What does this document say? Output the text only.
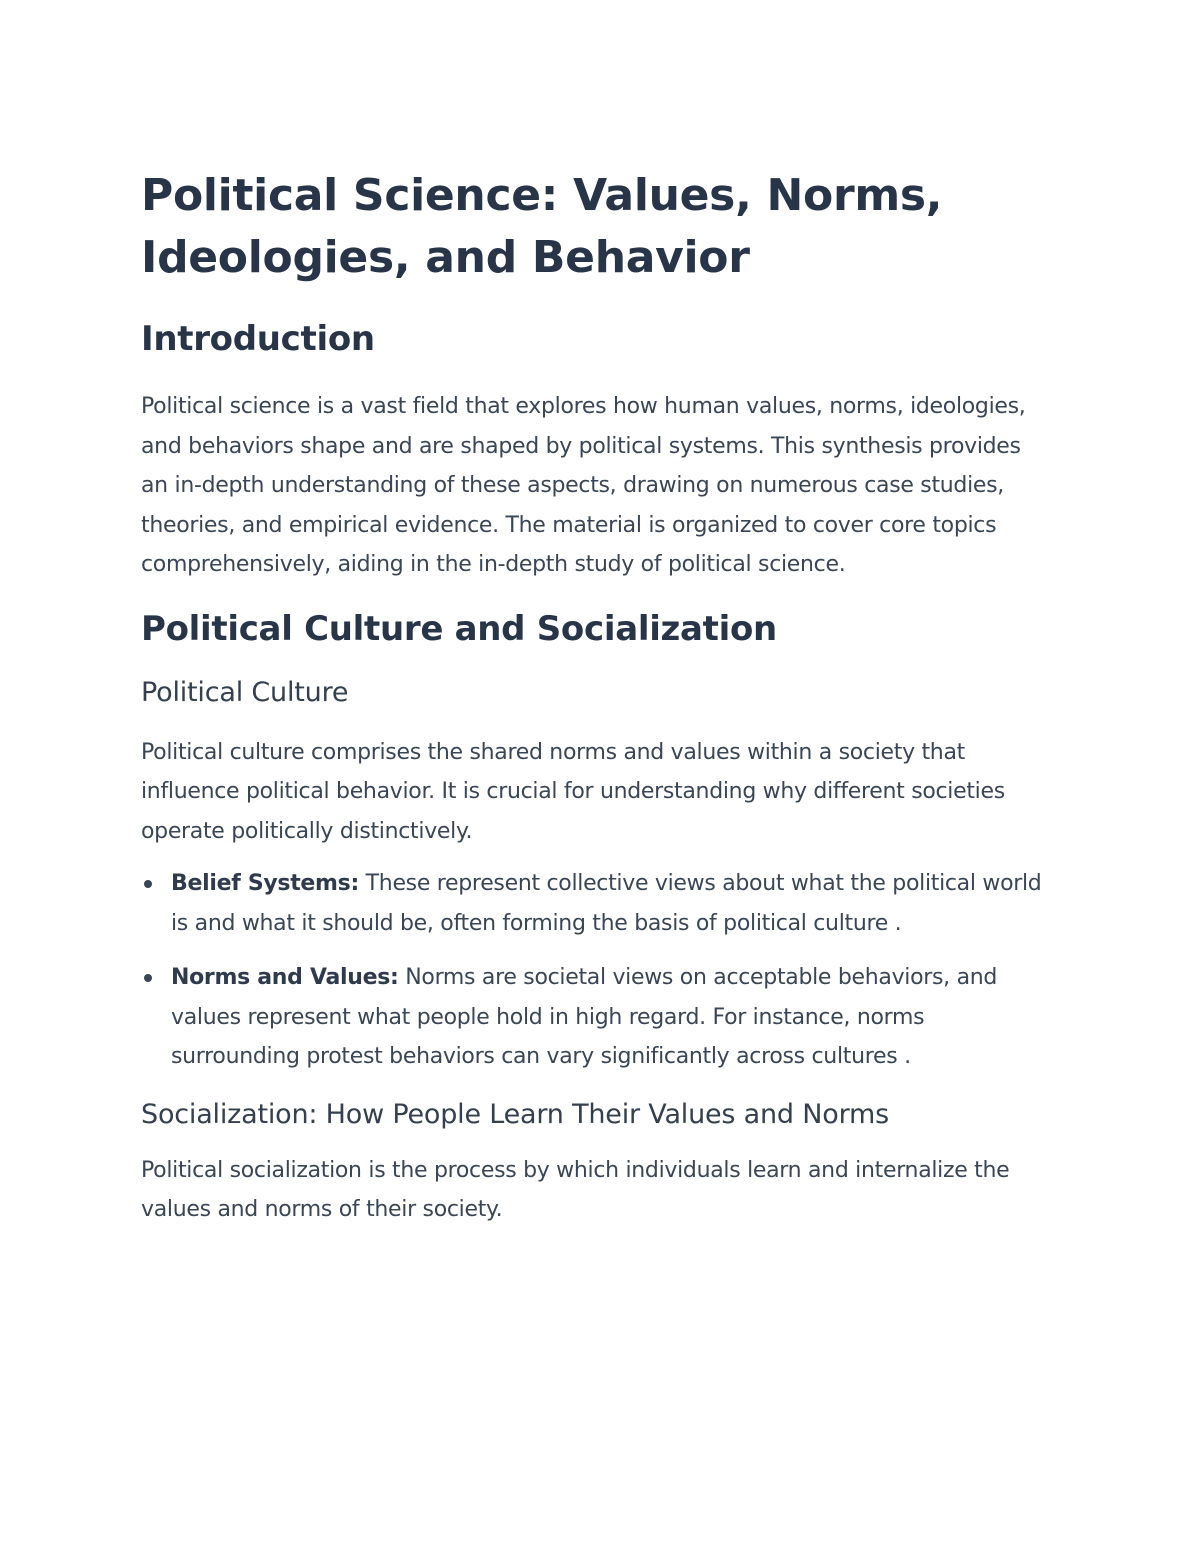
Political Science: Values, Norms, Ideologies, and Behavior
Introduction

Political science is a vast field that explores how human values, norms, ideologies, and behaviors shape and are shaped by political systems. This synthesis provides an in-depth understanding of these aspects, drawing on numerous case studies, theories, and empirical evidence. The material is organized to cover core topics comprehensively, aiding in the in-depth study of political science.

Political Culture and Socialization
Political Culture

Political culture comprises the shared norms and values within a society that influence political behavior. It is crucial for understanding why different societies operate politically distinctively.

Belief Systems: These represent collective views about what the political world is and what it should be, often forming the basis of political culture .
Norms and Values: Norms are societal views on acceptable behaviors, and values represent what people hold in high regard. For instance, norms surrounding protest behaviors can vary significantly across cultures .
Socialization: How People Learn Their Values and Norms

Political socialization is the process by which individuals learn and internalize the values and norms of their society.
